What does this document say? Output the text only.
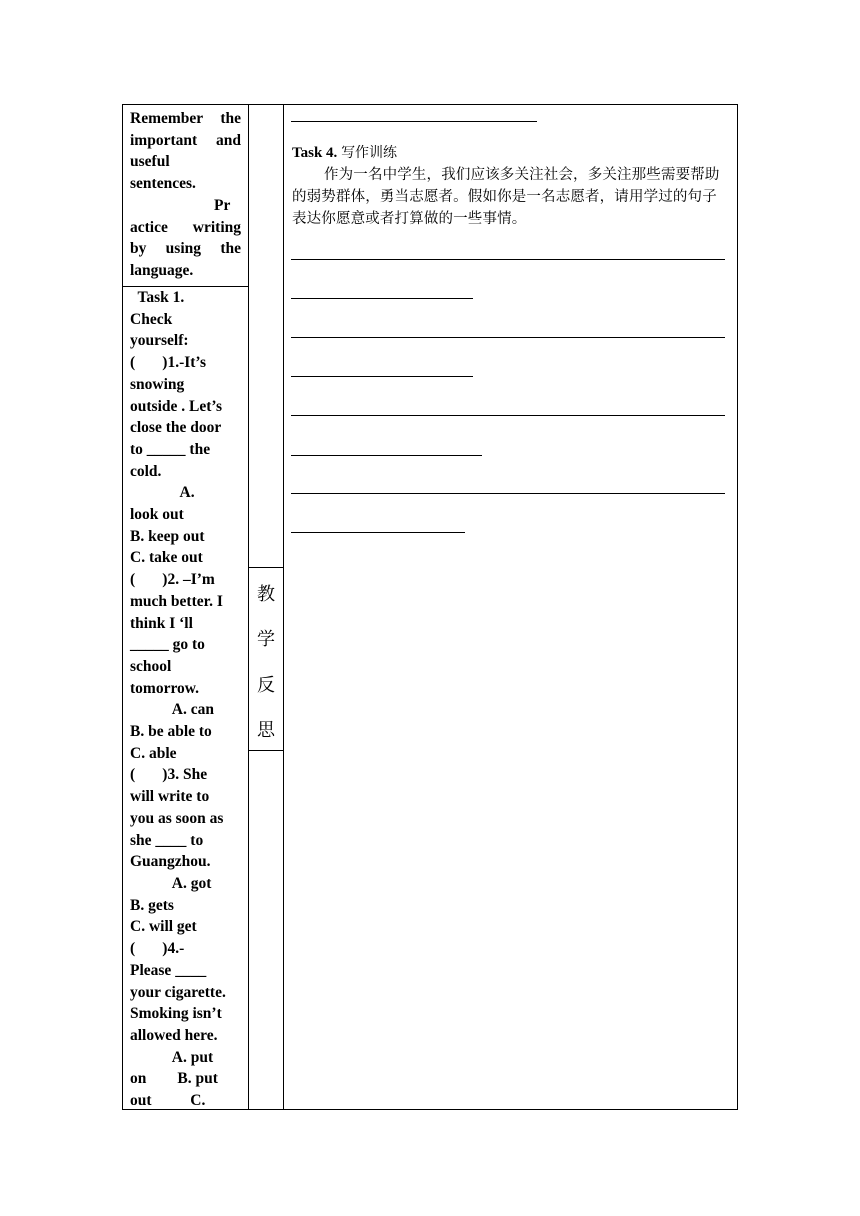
Remember the
important and
useful
sentences.
Pr
actice writing
by using the
language.
Task 1.
Check
yourself:
(       )1.-It’s
snowing
outside . Let’s
close the door
to _____ the
cold.
A.
look out
B. keep out
C. take out
(       )2. –I’m
much better. I
think I ‘ll
_____ go to
school
tomorrow.
A. can
B. be able to
C. able
(       )3. She
will write to
you as soon as
she ____ to
Guangzhou.
A. got
B. gets
C. will get
(       )4.-
Please ____
your cigarette.
Smoking isn’t
allowed here.
A. put
on        B. put
out          C.
教
学
反
思
Task 4. 写作训练
作为一名中学生，我们应该多关注社会，多关注那些需要帮助的弱势群体，勇当志愿者。假如你是一名志愿者，请用学过的句子表达你愿意或者打算做的一些事情。
